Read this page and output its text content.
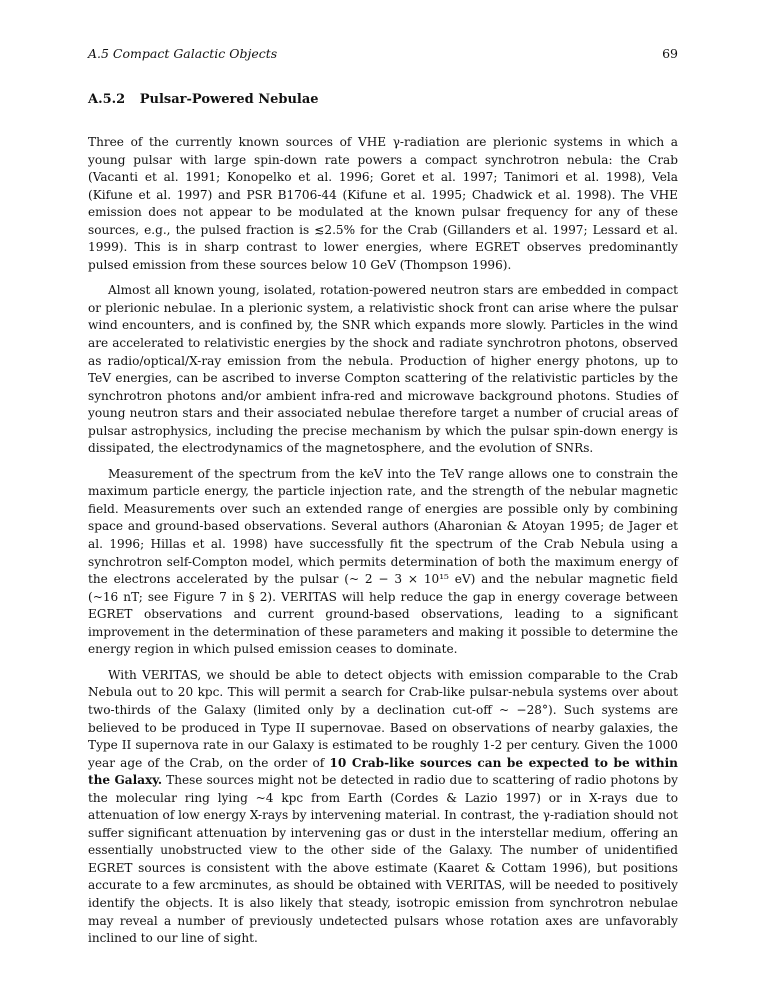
A.5 Compact Galactic Objects	69
A.5.2 Pulsar-Powered Nebulae

Three of the currently known sources of VHE γ-radiation are plerionic systems in which a young pulsar with large spin-down rate powers a compact synchrotron nebula: the Crab (Vacanti et al. 1991; Konopelko et al. 1996; Goret et al. 1997; Tanimori et al. 1998), Vela (Kifune et al. 1997) and PSR B1706-44 (Kifune et al. 1995; Chadwick et al. 1998). The VHE emission does not appear to be modulated at the known pulsar frequency for any of these sources, e.g., the pulsed fraction is ≲2.5% for the Crab (Gillanders et al. 1997; Lessard et al. 1999). This is in sharp contrast to lower energies, where EGRET observes predominantly pulsed emission from these sources below 10 GeV (Thompson 1996).

Almost all known young, isolated, rotation-powered neutron stars are embedded in compact or plerionic nebulae. In a plerionic system, a relativistic shock front can arise where the pulsar wind encounters, and is confined by, the SNR which expands more slowly. Particles in the wind are accelerated to relativistic energies by the shock and radiate synchrotron photons, observed as radio/optical/X-ray emission from the nebula. Production of higher energy photons, up to TeV energies, can be ascribed to inverse Compton scattering of the relativistic particles by the synchrotron photons and/or ambient infra-red and microwave background photons. Studies of young neutron stars and their associated nebulae therefore target a number of crucial areas of pulsar astrophysics, including the precise mechanism by which the pulsar spin-down energy is dissipated, the electrodynamics of the magnetosphere, and the evolution of SNRs.

Measurement of the spectrum from the keV into the TeV range allows one to constrain the maximum particle energy, the particle injection rate, and the strength of the nebular magnetic field. Measurements over such an extended range of energies are possible only by combining space and ground-based observations. Several authors (Aharonian & Atoyan 1995; de Jager et al. 1996; Hillas et al. 1998) have successfully fit the spectrum of the Crab Nebula using a synchrotron self-Compton model, which permits determination of both the maximum energy of the electrons accelerated by the pulsar (~ 2 − 3 × 10¹⁵ eV) and the nebular magnetic field (~16 nT; see Figure 7 in § 2). VERITAS will help reduce the gap in energy coverage between EGRET observations and current ground-based observations, leading to a significant improvement in the determination of these parameters and making it possible to determine the energy region in which pulsed emission ceases to dominate.

With VERITAS, we should be able to detect objects with emission comparable to the Crab Nebula out to 20 kpc. This will permit a search for Crab-like pulsar-nebula systems over about two-thirds of the Galaxy (limited only by a declination cut-off ~ −28°). Such systems are believed to be produced in Type II supernovae. Based on observations of nearby galaxies, the Type II supernova rate in our Galaxy is estimated to be roughly 1-2 per century. Given the 1000 year age of the Crab, on the order of 10 Crab-like sources can be expected to be within the Galaxy. These sources might not be detected in radio due to scattering of radio photons by the molecular ring lying ~4 kpc from Earth (Cordes & Lazio 1997) or in X-rays due to attenuation of low energy X-rays by intervening material. In contrast, the γ-radiation should not suffer significant attenuation by intervening gas or dust in the interstellar medium, offering an essentially unobstructed view to the other side of the Galaxy. The number of unidentified EGRET sources is consistent with the above estimate (Kaaret & Cottam 1996), but positions accurate to a few arcminutes, as should be obtained with VERITAS, will be needed to positively identify the objects. It is also likely that steady, isotropic emission from synchrotron nebulae may reveal a number of previously undetected pulsars whose rotation axes are unfavorably inclined to our line of sight.
